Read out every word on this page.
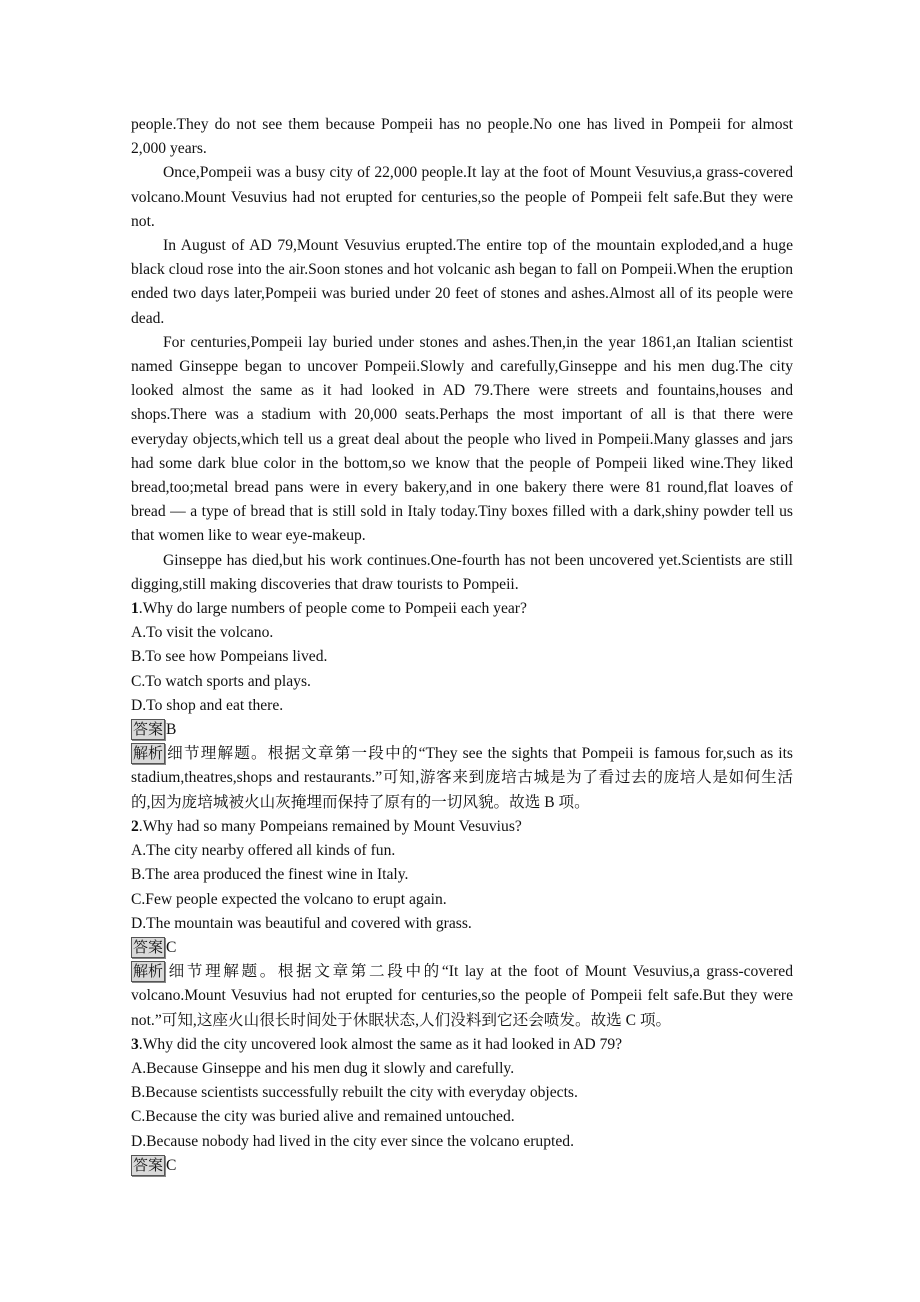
people.They do not see them because Pompeii has no people.No one has lived in Pompeii for almost 2,000 years.

Once,Pompeii was a busy city of 22,000 people.It lay at the foot of Mount Vesuvius,a grass-covered volcano.Mount Vesuvius had not erupted for centuries,so the people of Pompeii felt safe.But they were not.

In August of AD 79,Mount Vesuvius erupted.The entire top of the mountain exploded,and a huge black cloud rose into the air.Soon stones and hot volcanic ash began to fall on Pompeii.When the eruption ended two days later,Pompeii was buried under 20 feet of stones and ashes.Almost all of its people were dead.

For centuries,Pompeii lay buried under stones and ashes.Then,in the year 1861,an Italian scientist named Ginseppe began to uncover Pompeii.Slowly and carefully,Ginseppe and his men dug.The city looked almost the same as it had looked in AD 79.There were streets and fountains,houses and shops.There was a stadium with 20,000 seats.Perhaps the most important of all is that there were everyday objects,which tell us a great deal about the people who lived in Pompeii.Many glasses and jars had some dark blue color in the bottom,so we know that the people of Pompeii liked wine.They liked bread,too;metal bread pans were in every bakery,and in one bakery there were 81 round,flat loaves of bread — a type of bread that is still sold in Italy today.Tiny boxes filled with a dark,shiny powder tell us that women like to wear eye-makeup.

Ginseppe has died,but his work continues.One-fourth has not been uncovered yet.Scientists are still digging,still making discoveries that draw tourists to Pompeii.

1.Why do large numbers of people come to Pompeii each year?

A.To visit the volcano.

B.To see how Pompeians lived.

C.To watch sports and plays.

D.To shop and eat there.

答案 B

解析 细节理解题。根据文章第一段中的“They see the sights that Pompeii is famous for,such as its stadium,theatres,shops and restaurants.”可知,游客来到庞培古城是为了看过去的庞培人是如何生活的,因为庞培城被火山灰掩埋而保持了原有的一切风貌。故选 B 项。

2.Why had so many Pompeians remained by Mount Vesuvius?

A.The city nearby offered all kinds of fun.

B.The area produced the finest wine in Italy.

C.Few people expected the volcano to erupt again.

D.The mountain was beautiful and covered with grass.

答案 C

解析 细节理解题。根据文章第二段中的“It lay at the foot of Mount Vesuvius,a grass-covered volcano.Mount Vesuvius had not erupted for centuries,so the people of Pompeii felt safe.But they were not.”可知,这座火山很长时间处于休眠状态,人们没料到它还会喷发。故选 C 项。

3.Why did the city uncovered look almost the same as it had looked in AD 79?

A.Because Ginseppe and his men dug it slowly and carefully.

B.Because scientists successfully rebuilt the city with everyday objects.

C.Because the city was buried alive and remained untouched.

D.Because nobody had lived in the city ever since the volcano erupted.

答案 C
